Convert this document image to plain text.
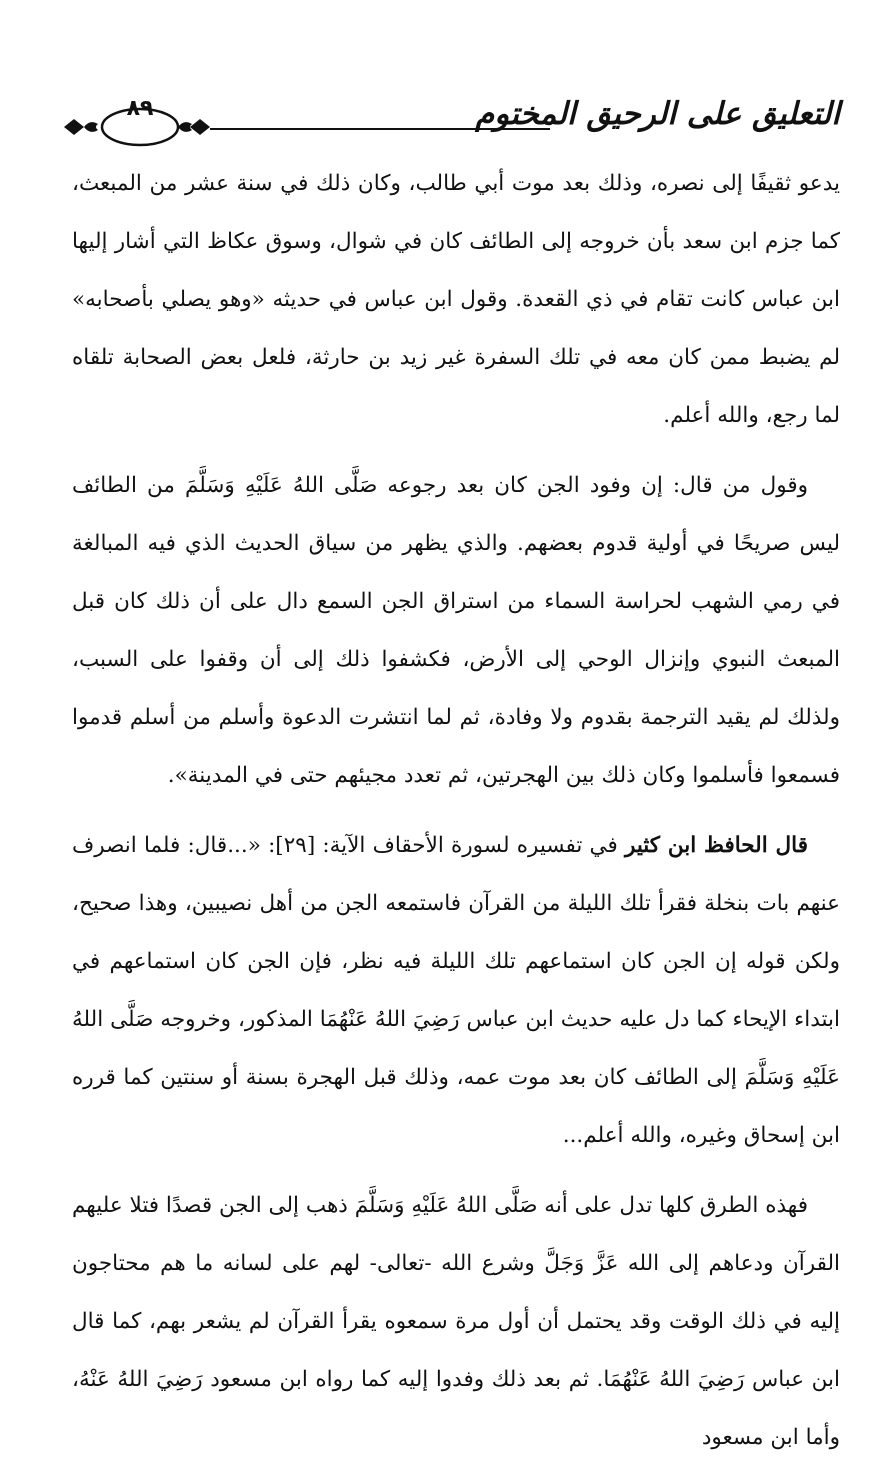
التعليق على الرحيق المختوم
٨٩

يدعو ثقيفًا إلى نصره، وذلك بعد موت أبي طالب، وكان ذلك في سنة عشر من المبعث، كما جزم ابن سعد بأن خروجه إلى الطائف كان في شوال، وسوق عكاظ التي أشار إليها ابن عباس كانت تقام في ذي القعدة. وقول ابن عباس في حديثه «وهو يصلي بأصحابه» لم يضبط ممن كان معه في تلك السفرة غير زيد بن حارثة، فلعل بعض الصحابة تلقاه لما رجع، والله أعلم.

وقول من قال: إن وفود الجن كان بعد رجوعه صَلَّى اللهُ عَلَيْهِ وَسَلَّمَ من الطائف ليس صريحًا في أولية قدوم بعضهم. والذي يظهر من سياق الحديث الذي فيه المبالغة في رمي الشهب لحراسة السماء من استراق الجن السمع دال على أن ذلك كان قبل المبعث النبوي وإنزال الوحي إلى الأرض، فكشفوا ذلك إلى أن وقفوا على السبب، ولذلك لم يقيد الترجمة بقدوم ولا وفادة، ثم لما انتشرت الدعوة وأسلم من أسلم قدموا فسمعوا فأسلموا وكان ذلك بين الهجرتين، ثم تعدد مجيئهم حتى في المدينة».

قال الحافظ ابن كثير في تفسيره لسورة الأحقاف الآية: [٢٩]: «...قال: فلما انصرف عنهم بات بنخلة فقرأ تلك الليلة من القرآن فاستمعه الجن من أهل نصيبين، وهذا صحيح، ولكن قوله إن الجن كان استماعهم تلك الليلة فيه نظر، فإن الجن كان استماعهم في ابتداء الإيحاء كما دل عليه حديث ابن عباس رَضِيَ اللهُ عَنْهُمَا المذكور، وخروجه صَلَّى اللهُ عَلَيْهِ وَسَلَّمَ إلى الطائف كان بعد موت عمه، وذلك قبل الهجرة بسنة أو سنتين كما قرره ابن إسحاق وغيره، والله أعلم...

فهذه الطرق كلها تدل على أنه صَلَّى اللهُ عَلَيْهِ وَسَلَّمَ ذهب إلى الجن قصدًا فتلا عليهم القرآن ودعاهم إلى الله عَزَّ وَجَلَّ وشرع الله -تعالى- لهم على لسانه ما هم محتاجون إليه في ذلك الوقت وقد يحتمل أن أول مرة سمعوه يقرأ القرآن لم يشعر بهم، كما قال ابن عباس رَضِيَ اللهُ عَنْهُمَا. ثم بعد ذلك وفدوا إليه كما رواه ابن مسعود رَضِيَ اللهُ عَنْهُ، وأما ابن مسعود
